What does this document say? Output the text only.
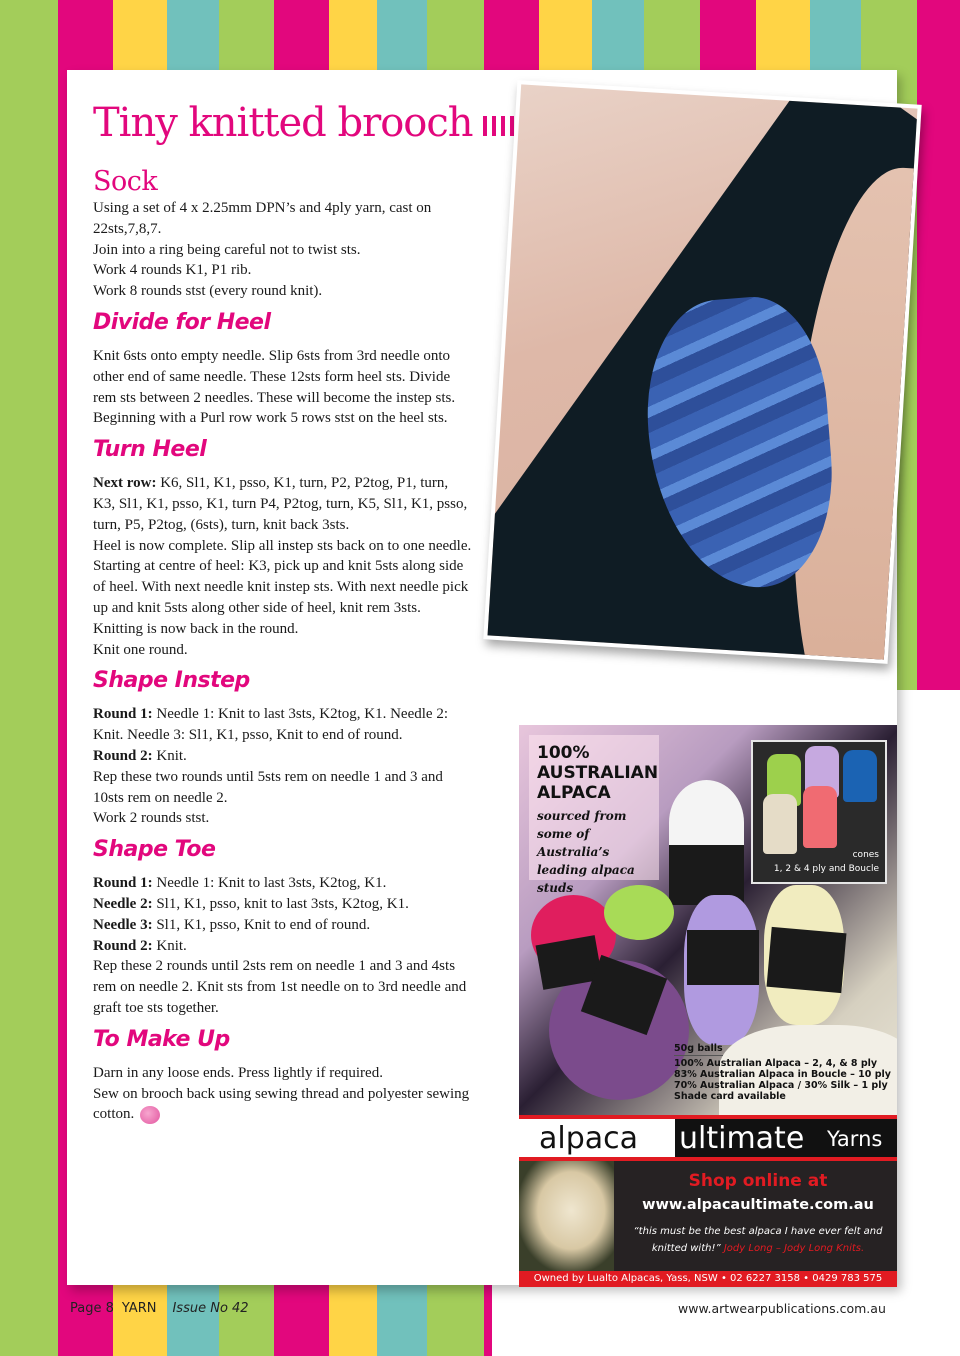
Tiny knitted brooch
Sock
Using a set of 4 x 2.25mm DPN’s and 4ply yarn, cast on 22sts,7,8,7.
Join into a ring being careful not to twist sts.
Work 4 rounds K1, P1 rib.
Work 8 rounds stst (every round knit).
Divide for Heel
Knit 6sts onto empty needle. Slip 6sts from 3rd needle onto other end of same needle. These 12sts form heel sts. Divide rem sts between 2 needles. These will become the instep sts.
Beginning with a Purl row work 5 rows stst on the heel sts.
Turn Heel
Next row: K6, Sl1, K1, psso, K1, turn, P2, P2tog, P1, turn, K3, Sl1, K1, psso, K1, turn P4, P2tog, turn, K5, Sl1, K1, psso, turn, P5, P2tog, (6sts), turn, knit back 3sts.
Heel is now complete. Slip all instep sts back on to one needle.
Starting at centre of heel: K3, pick up and knit 5sts along side of heel. With next needle knit instep sts. With next needle pick up and knit 5sts along other side of heel, knit rem 3sts.
Knitting is now back in the round.
Knit one round.
Shape Instep
Round 1: Needle 1: Knit to last 3sts, K2tog, K1. Needle 2: Knit. Needle 3: Sl1, K1, psso, Knit to end of round.
Round 2: Knit.
Rep these two rounds until 5sts rem on needle 1 and 3 and 10sts rem on needle 2.
Work 2 rounds stst.
Shape Toe
Round 1: Needle 1: Knit to last 3sts, K2tog, K1.
Needle 2: Sl1, K1, psso, knit to last 3sts, K2tog, K1.
Needle 3: Sl1, K1, psso, Knit to end of round.
Round 2: Knit.
Rep these 2 rounds until 2sts rem on needle 1 and 3 and 4sts rem on needle 2. Knit sts from 1st needle on to 3rd needle and graft toe sts together.
To Make Up
Darn in any loose ends. Press lightly if required.
Sew on brooch back using sewing thread and polyester sewing cotton.
100%
AUSTRALIAN
ALPACA
sourced from some of Australia’s leading alpaca studs
cones
1, 2 & 4 ply and Boucle
50g balls
100% Australian Alpaca – 2, 4, & 8 ply
83% Australian Alpaca in Boucle – 10 ply
70% Australian Alpaca / 30% Silk – 1 ply
Shade card available
alpaca ultimate Yarns
Shop online at
www.alpacaultimate.com.au
“this must be the best alpaca I have ever felt and knitted with!” Jody Long – Jody Long Knits.
Owned by Lualto Alpacas, Yass, NSW • 02 6227 3158 • 0429 783 575
Page 8 YARN Issue No 42	www.artwearpublications.com.au
